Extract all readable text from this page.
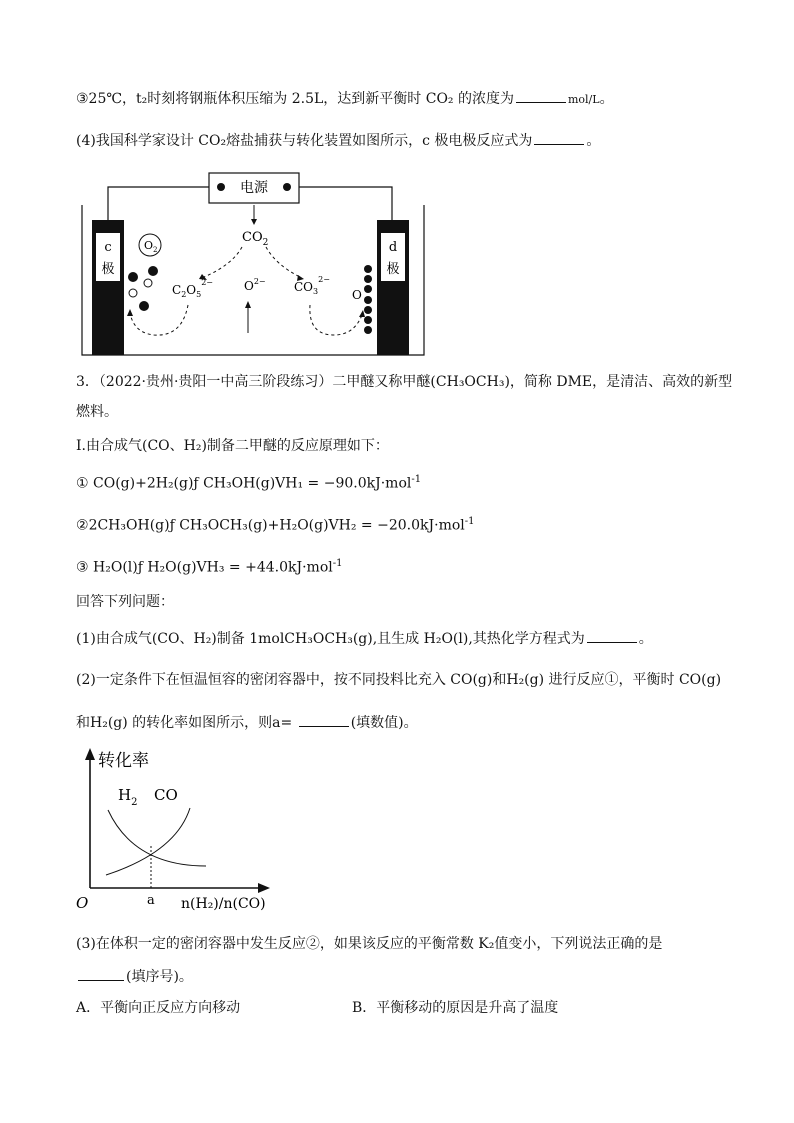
③25℃，t₂时刻将钢瓶体积压缩为 2.5L，达到新平衡时 CO₂ 的浓度为	mol/L。
(4)我国科学家设计 CO₂熔盐捕获与转化装置如图所示，c 极电极反应式为	。
电源
c
极
d
极
$O_2$
$CO_2$
$C_2O_5^{2-}$	$O^{2-}$ $CO_3^{2-}$
O
3．（2022·贵州·贵阳一中高三阶段练习）二甲醚又称甲醚(CH₃OCH₃)，简称 DME，是清洁、高效的新型
燃料。
Ⅰ.由合成气(CO、H₂)制备二甲醚的反应原理如下：
① CO(g)+2H₂(g)ƒ CH₃OH(g)VH₁ = −90.0kJ·mol$^{-1}$
②2CH₃OH(g)ƒ CH₃OCH₃(g)+H₂O(g)VH₂ = −20.0kJ·mol$^{-1}$
③ H₂O(l)ƒ H₂O(g)VH₃ = +44.0kJ·mol$^{-1}$
回答下列问题：
(1)由合成气(CO、H₂)制备 1molCH₃OCH₃(g),且生成 H₂O(l),其热化学方程式为	。
(2)一定条件下在恒温恒容的密闭容器中，按不同投料比充入 CO(g)和H₂(g) 进行反应①，平衡时 CO(g)
和H₂(g) 的转化率如图所示，则a=	(填数值)。
转化率
$H_2$ CO
O	a n(H₂)/n(CO)
(3)在体积一定的密闭容器中发生反应②，如果该反应的平衡常数 K₂值变小，下列说法正确的是
(填序号)。
A．平衡向正反应方向移动	B．平衡移动的原因是升高了温度
